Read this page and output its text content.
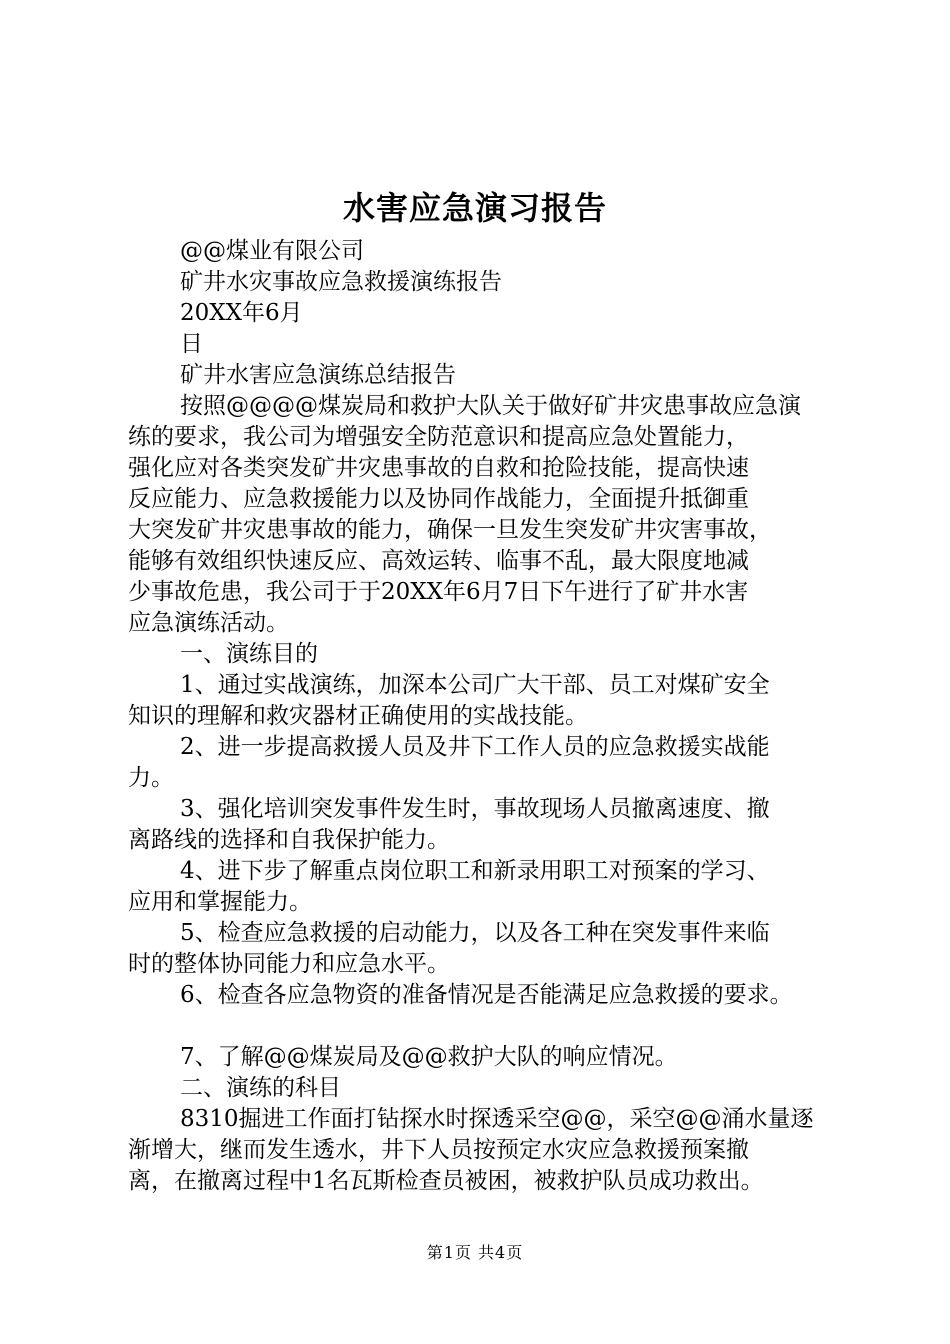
水害应急演习报告
@@煤业有限公司
矿井水灾事故应急救援演练报告
20XX年6月
日
矿井水害应急演练总结报告
按照@@@@煤炭局和救护大队关于做好矿井灾患事故应急演
练的要求，我公司为增强安全防范意识和提高应急处置能力，
强化应对各类突发矿井灾患事故的自救和抢险技能，提高快速
反应能力、应急救援能力以及协同作战能力，全面提升抵御重
大突发矿井灾患事故的能力，确保一旦发生突发矿井灾害事故，
能够有效组织快速反应、高效运转、临事不乱，最大限度地减
少事故危患，我公司于于20XX年6月7日下午进行了矿井水害
应急演练活动。
一、演练目的
1、通过实战演练，加深本公司广大干部、员工对煤矿安全
知识的理解和救灾器材正确使用的实战技能。
2、进一步提高救援人员及井下工作人员的应急救援实战能
力。
3、强化培训突发事件发生时，事故现场人员撤离速度、撤
离路线的选择和自我保护能力。
4、进下步了解重点岗位职工和新录用职工对预案的学习、
应用和掌握能力。
5、检查应急救援的启动能力，以及各工种在突发事件来临
时的整体协同能力和应急水平。
6、检查各应急物资的准备情况是否能满足应急救援的要求。
7、了解@@煤炭局及@@救护大队的响应情况。
二、演练的科目
8310掘进工作面打钻探水时探透采空@@，采空@@涌水量逐
渐增大，继而发生透水，井下人员按预定水灾应急救援预案撤
离，在撤离过程中1名瓦斯检查员被困，被救护队员成功救出。
第1页 共4页
